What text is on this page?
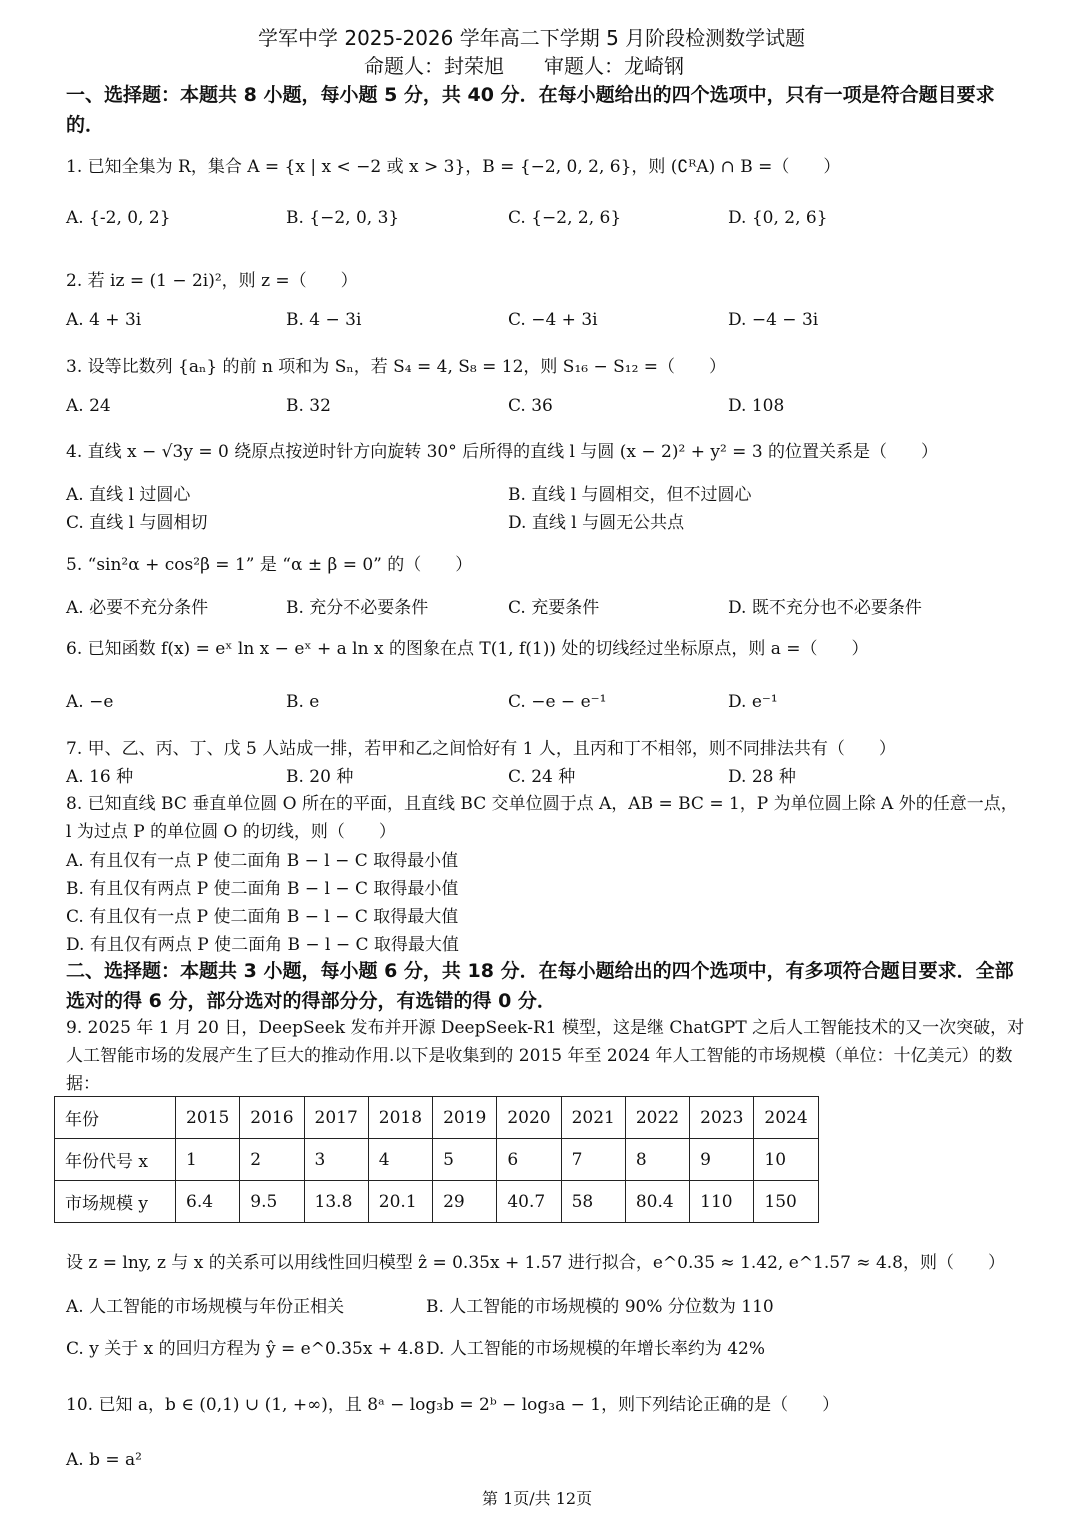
学军中学 2025-2026 学年高二下学期 5 月阶段检测数学试题
命题人：封荣旭　　审题人：龙崎钢
一、选择题：本题共 8 小题，每小题 5 分，共 40 分．在每小题给出的四个选项中，只有一项是符合题目要求的．
1. 已知全集为 R，集合 A = {x | x < −2 或 x > 3}，B = {−2, 0, 2, 6}，则 (∁ᴿA) ∩ B =（　　）
A. {-2, 0, 2}	B. {−2, 0, 3}	C. {−2, 2, 6}	D. {0, 2, 6}
2. 若 iz = (1 − 2i)²，则 z =（　　）
A. 4 + 3i	B. 4 − 3i	C. −4 + 3i	D. −4 − 3i
3. 设等比数列 {aₙ} 的前 n 项和为 Sₙ，若 S₄ = 4, S₈ = 12，则 S₁₆ − S₁₂ =（　　）
A. 24	B. 32	C. 36	D. 108
4. 直线 x − √3y = 0 绕原点按逆时针方向旋转 30° 后所得的直线 l 与圆 (x − 2)² + y² = 3 的位置关系是（　　）
A. 直线 l 过圆心	B. 直线 l 与圆相交，但不过圆心
C. 直线 l 与圆相切	D. 直线 l 与圆无公共点
5. “sin²α + cos²β = 1” 是 “α ± β = 0” 的（　　）
A. 必要不充分条件	B. 充分不必要条件	C. 充要条件	D. 既不充分也不必要条件
6. 已知函数 f(x) = eˣ ln x − eˣ + a ln x 的图象在点 T(1, f(1)) 处的切线经过坐标原点，则 a =（　　）
A. −e	B. e	C. −e − e⁻¹	D. e⁻¹
7. 甲、乙、丙、丁、戊 5 人站成一排，若甲和乙之间恰好有 1 人，且丙和丁不相邻，则不同排法共有（　　）
A. 16 种	B. 20 种	C. 24 种	D. 28 种
8. 已知直线 BC 垂直单位圆 O 所在的平面，且直线 BC 交单位圆于点 A，AB = BC = 1，P 为单位圆上除 A 外的任意一点，l 为过点 P 的单位圆 O 的切线，则（　　）
A. 有且仅有一点 P 使二面角 B − l − C 取得最小值
B. 有且仅有两点 P 使二面角 B − l − C 取得最小值
C. 有且仅有一点 P 使二面角 B − l − C 取得最大值
D. 有且仅有两点 P 使二面角 B − l − C 取得最大值
二、选择题：本题共 3 小题，每小题 6 分，共 18 分．在每小题给出的四个选项中，有多项符合题目要求．全部选对的得 6 分，部分选对的得部分分，有选错的得 0 分．
9. 2025 年 1 月 20 日，DeepSeek 发布并开源 DeepSeek-R1 模型，这是继 ChatGPT 之后人工智能技术的又一次突破，对人工智能市场的发展产生了巨大的推动作用.以下是收集到的 2015 年至 2024 年人工智能的市场规模（单位：十亿美元）的数据：
年份	2015	2016	2017	2018	2019	2020	2021	2022	2023	2024
年份代号 x	1	2	3	4	5	6	7	8	9	10
市场规模 y	6.4	9.5	13.8	20.1	29	40.7	58	80.4	110	150
设 z = lny, z 与 x 的关系可以用线性回归模型 ẑ = 0.35x + 1.57 进行拟合，e^0.35 ≈ 1.42, e^1.57 ≈ 4.8，则（　　）
A. 人工智能的市场规模与年份正相关	B. 人工智能的市场规模的 90% 分位数为 110
C. y 关于 x 的回归方程为 ŷ = e^0.35x + 4.8 D. 人工智能的市场规模的年增长率约为 42%
10. 已知 a，b ∈ (0,1) ∪ (1, +∞)，且 8ᵃ − log₃b = 2ᵇ − log₃a − 1，则下列结论正确的是（　　）
A. b = a²
第 1页/共 12页
